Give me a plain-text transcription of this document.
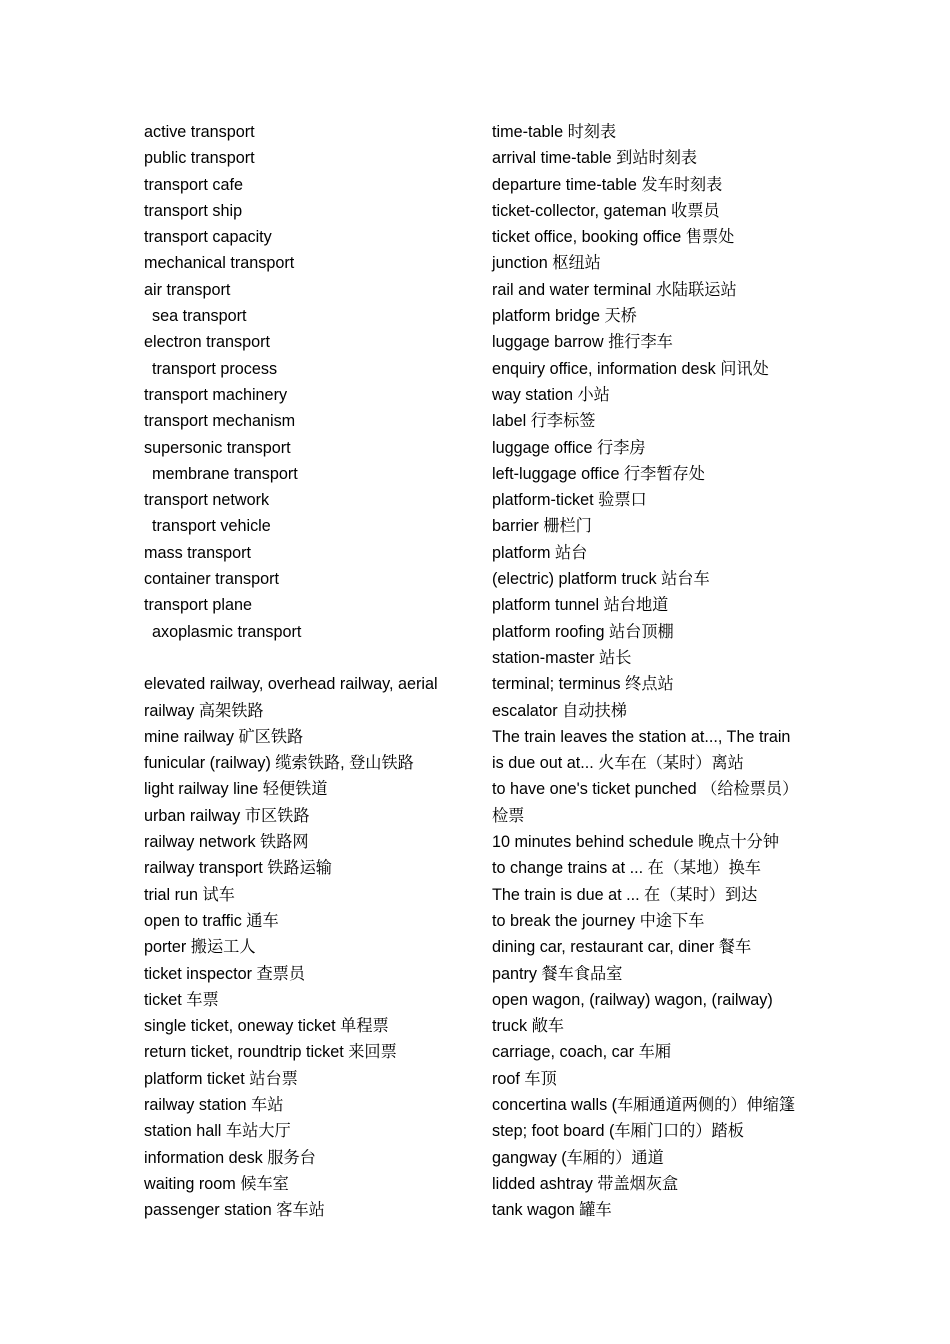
active transport
public transport
transport cafe
transport ship
transport capacity
mechanical transport
air transport
sea transport
electron transport
transport process
transport machinery
transport mechanism
supersonic transport
membrane transport
transport network
transport vehicle
mass transport
container transport
transport plane
axoplasmic transport
elevated railway, overhead railway, aerial
railway 高架铁路
mine railway 矿区铁路
funicular (railway) 缆索铁路, 登山铁路
light railway line 轻便铁道
urban railway 市区铁路
railway network 铁路网
railway transport 铁路运输
trial run 试车
open to traffic 通车
porter 搬运工人
ticket inspector 查票员
ticket 车票
single ticket, oneway ticket 单程票
return ticket, roundtrip ticket 来回票
platform ticket 站台票
railway station 车站
station hall 车站大厅
information desk 服务台
waiting room 候车室
passenger station 客车站
time-table 时刻表
arrival time-table 到站时刻表
departure time-table 发车时刻表
ticket-collector, gateman 收票员
ticket office, booking office 售票处
junction 枢纽站
rail and water terminal 水陆联运站
platform bridge 天桥
luggage barrow 推行李车
enquiry office, information desk 问讯处
way station 小站
label 行李标签
luggage office 行李房
left-luggage office 行李暂存处
platform-ticket 验票口
barrier 栅栏门
platform 站台
(electric) platform truck 站台车
platform tunnel 站台地道
platform roofing 站台顶棚
station-master 站长
terminal; terminus 终点站
escalator 自动扶梯
The train leaves the station at..., The train
is due out at... 火车在（某时）离站
to have one's ticket punched （给检票员）
检票
10 minutes behind schedule 晚点十分钟
to change trains at ... 在（某地）换车
The train is due at ... 在（某时）到达
to break the journey 中途下车
dining car, restaurant car, diner 餐车
pantry 餐车食品室
open wagon, (railway) wagon, (railway)
truck 敞车
carriage, coach, car 车厢
roof 车顶
concertina walls (车厢通道两侧的）伸缩篷
step; foot board (车厢门口的）踏板
gangway (车厢的）通道
lidded ashtray 带盖烟灰盒
tank wagon 罐车
